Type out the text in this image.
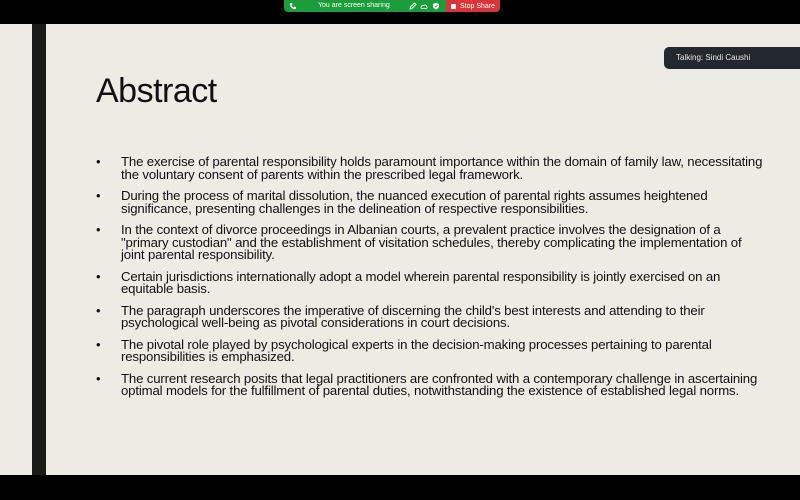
You are screen sharing	Stop Share
Abstract
• The exercise of parental responsibility holds paramount importance within the domain of family law, necessitating the voluntary consent of parents within the prescribed legal framework.
• During the process of marital dissolution, the nuanced execution of parental rights assumes heightened significance, presenting challenges in the delineation of respective responsibilities.
• In the context of divorce proceedings in Albanian courts, a prevalent practice involves the designation of a "primary custodian" and the establishment of visitation schedules, thereby complicating the implementation of joint parental responsibility.
• Certain jurisdictions internationally adopt a model wherein parental responsibility is jointly exercised on an equitable basis.
• The paragraph underscores the imperative of discerning the child's best interests and attending to their psychological well-being as pivotal considerations in court decisions.
• The pivotal role played by psychological experts in the decision-making processes pertaining to parental responsibilities is emphasized.
• The current research posits that legal practitioners are confronted with a contemporary challenge in ascertaining optimal models for the fulfillment of parental duties, notwithstanding the existence of established legal norms.
Talking: Sindi Caushi
